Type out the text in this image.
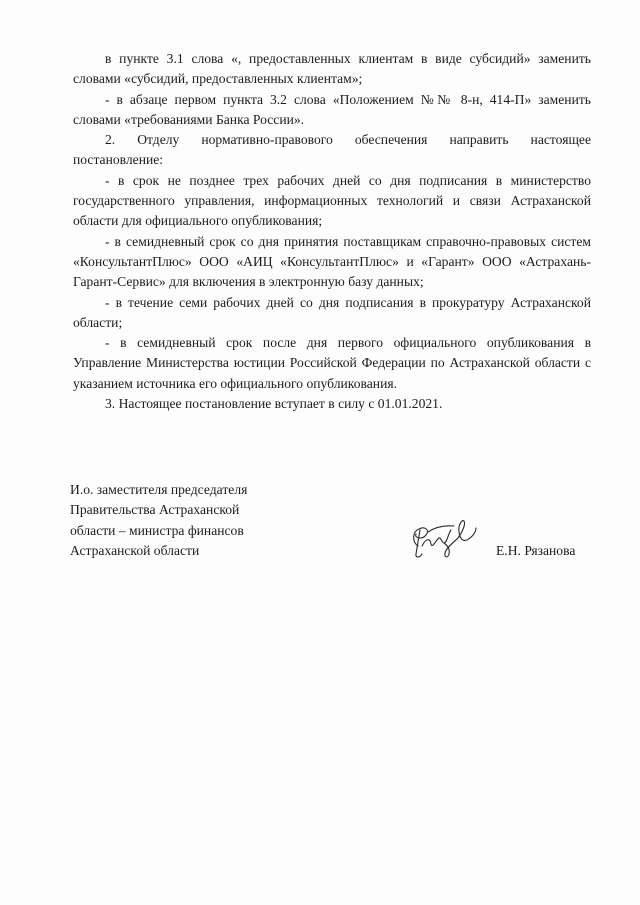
в пункте 3.1 слова «, предоставленных клиентам в виде субсидий» заменить словами «субсидий, предоставленных клиентам»;

- в абзаце первом пункта 3.2 слова «Положением №№ 8-н, 414-П» заменить словами «требованиями Банка России».

2. Отделу нормативно-правового обеспечения направить настоящее постановление:

- в срок не позднее трех рабочих дней со дня подписания в министерство государственного управления, информационных технологий и связи Астраханской области для официального опубликования;

- в семидневный срок со дня принятия поставщикам справочно-правовых систем «КонсультантПлюс» ООО «АИЦ «КонсультантПлюс» и «Гарант» ООО «Астрахань-Гарант-Сервис» для включения в электронную базу данных;

- в течение семи рабочих дней со дня подписания в прокуратуру Астраханской области;

- в семидневный срок после дня первого официального опубликования в Управление Министерства юстиции Российской Федерации по Астраханской области с указанием источника его официального опубликования.

3. Настоящее постановление вступает в силу с 01.01.2021.

И.о. заместителя председателя
Правительства Астраханской
области – министра финансов
Астраханской области	Е.Н. Рязанова
